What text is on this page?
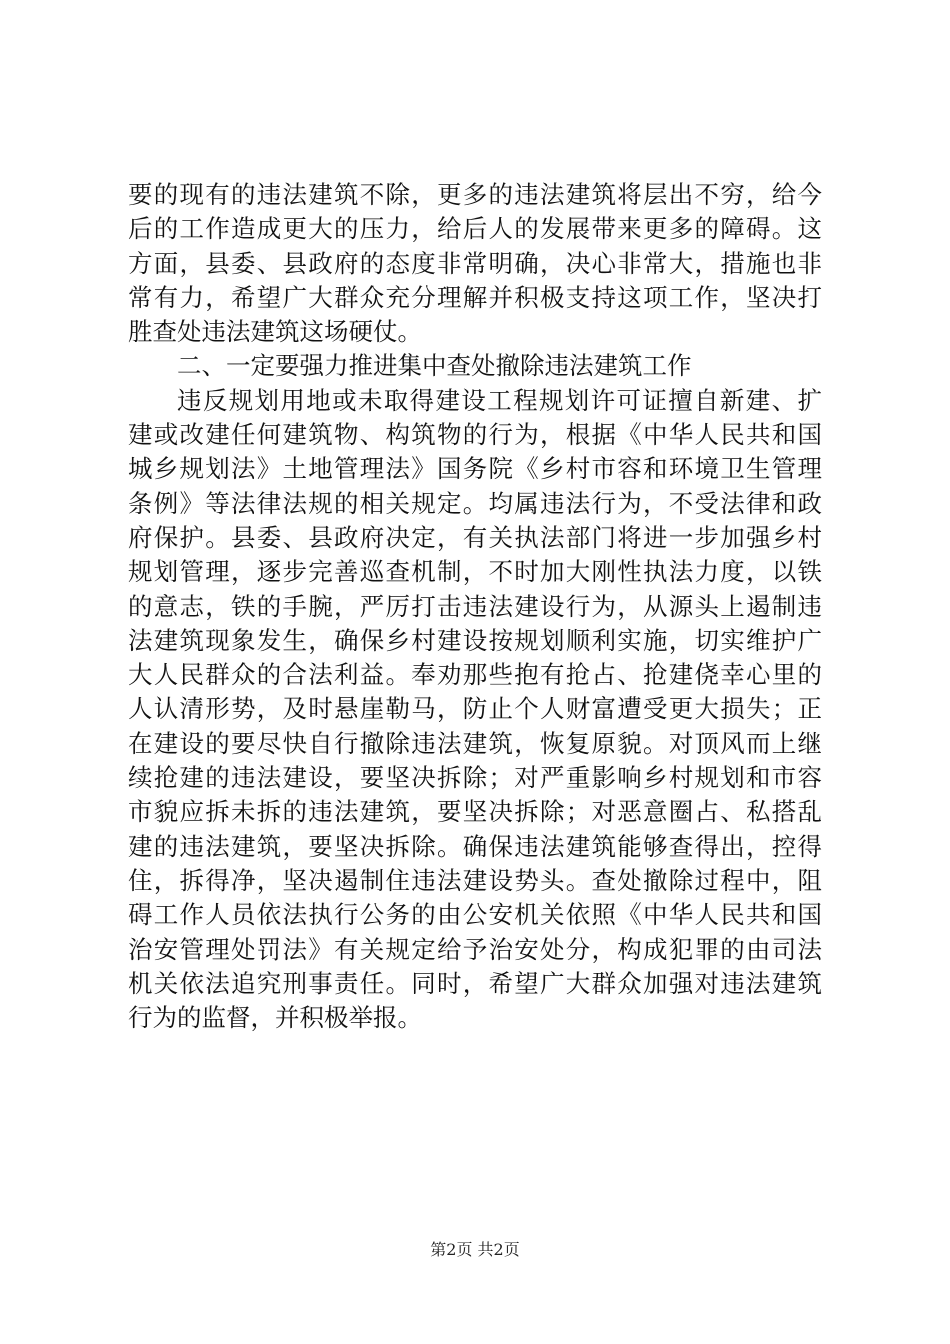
要的现有的违法建筑不除，更多的违法建筑将层出不穷，给今
后的工作造成更大的压力，给后人的发展带来更多的障碍。这
方面，县委、县政府的态度非常明确，决心非常大，措施也非
常有力，希望广大群众充分理解并积极支持这项工作，坚决打
胜查处违法建筑这场硬仗。
二、一定要强力推进集中查处撤除违法建筑工作
违反规划用地或未取得建设工程规划许可证擅自新建、扩
建或改建任何建筑物、构筑物的行为，根据《中华人民共和国
城乡规划法》土地管理法》国务院《乡村市容和环境卫生管理
条例》等法律法规的相关规定。均属违法行为，不受法律和政
府保护。县委、县政府决定，有关执法部门将进一步加强乡村
规划管理，逐步完善巡查机制，不时加大刚性执法力度，以铁
的意志，铁的手腕，严厉打击违法建设行为，从源头上遏制违
法建筑现象发生，确保乡村建设按规划顺利实施，切实维护广
大人民群众的合法利益。奉劝那些抱有抢占、抢建侥幸心里的
人认清形势，及时悬崖勒马，防止个人财富遭受更大损失；正
在建设的要尽快自行撤除违法建筑，恢复原貌。对顶风而上继
续抢建的违法建设，要坚决拆除；对严重影响乡村规划和市容
市貌应拆未拆的违法建筑，要坚决拆除；对恶意圈占、私搭乱
建的违法建筑，要坚决拆除。确保违法建筑能够查得出，控得
住，拆得净，坚决遏制住违法建设势头。查处撤除过程中，阻
碍工作人员依法执行公务的由公安机关依照《中华人民共和国
治安管理处罚法》有关规定给予治安处分，构成犯罪的由司法
机关依法追究刑事责任。同时，希望广大群众加强对违法建筑
行为的监督，并积极举报。
第2页 共2页
